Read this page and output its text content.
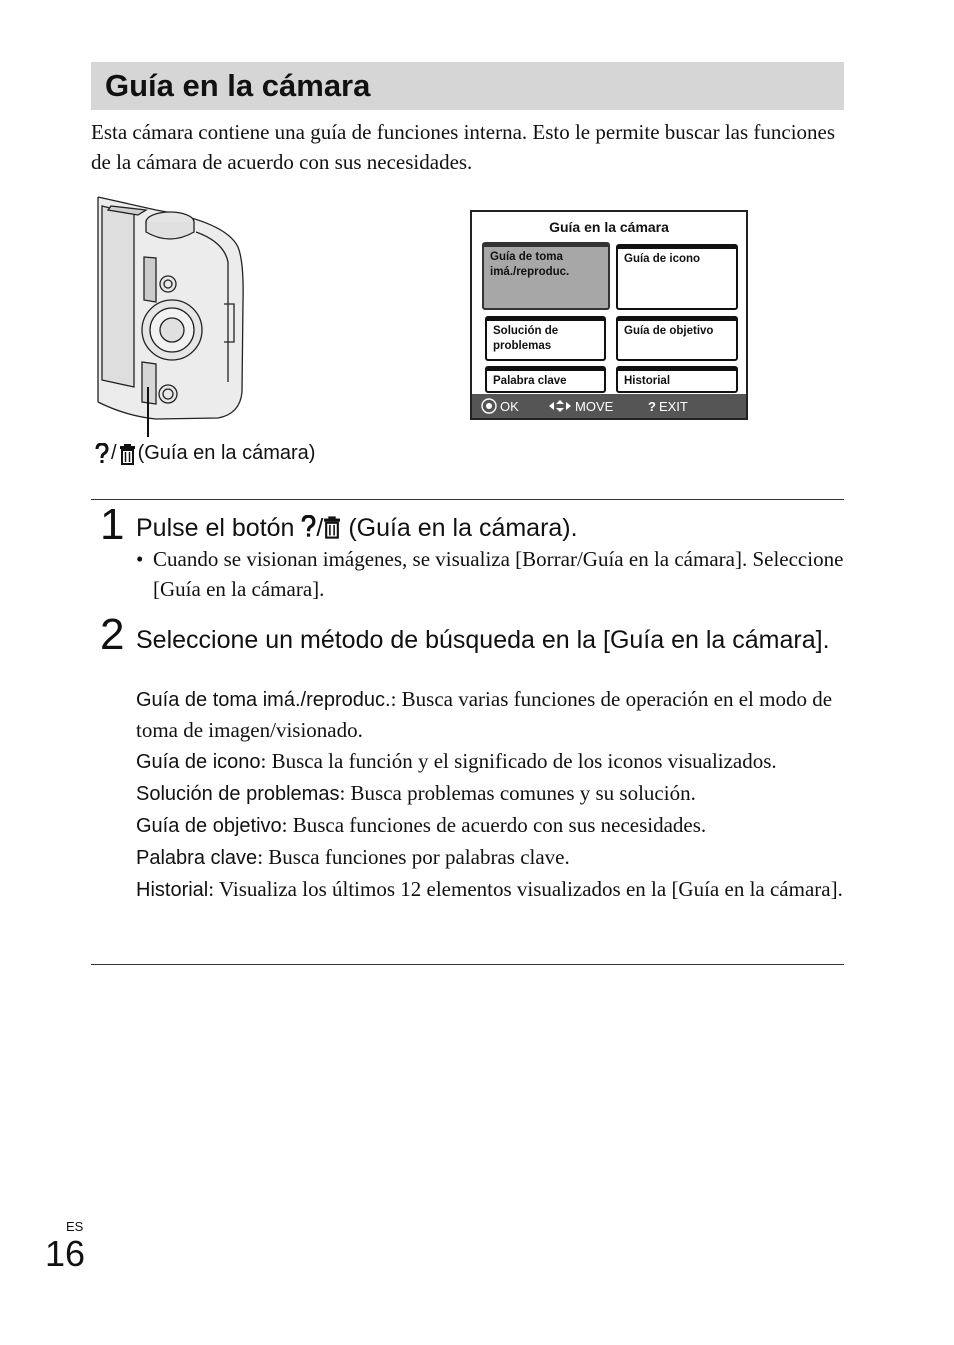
Guía en la cámara

Esta cámara contiene una guía de funciones interna. Esto le permite buscar las funciones de la cámara de acuerdo con sus necesidades.

/ (Guía en la cámara)
Guía en la cámara
Guía de toma imá./reproduc.
Guía de icono
Solución de problemas
Guía de objetivo
Palabra clave	Historial
OK	MOVE	? EXIT
1 Pulse el botón / (Guía en la cámara).
• Cuando se visionan imágenes, se visualiza [Borrar/Guía en la cámara]. Seleccione [Guía en la cámara].
2 Seleccione un método de búsqueda en la [Guía en la cámara].
Guía de toma imá./reproduc.: Busca varias funciones de operación en el modo de toma de imagen/visionado.
Guía de icono: Busca la función y el significado de los iconos visualizados.
Solución de problemas: Busca problemas comunes y su solución.
Guía de objetivo: Busca funciones de acuerdo con sus necesidades.
Palabra clave: Busca funciones por palabras clave.
Historial: Visualiza los últimos 12 elementos visualizados en la [Guía en la cámara].
ES
16
